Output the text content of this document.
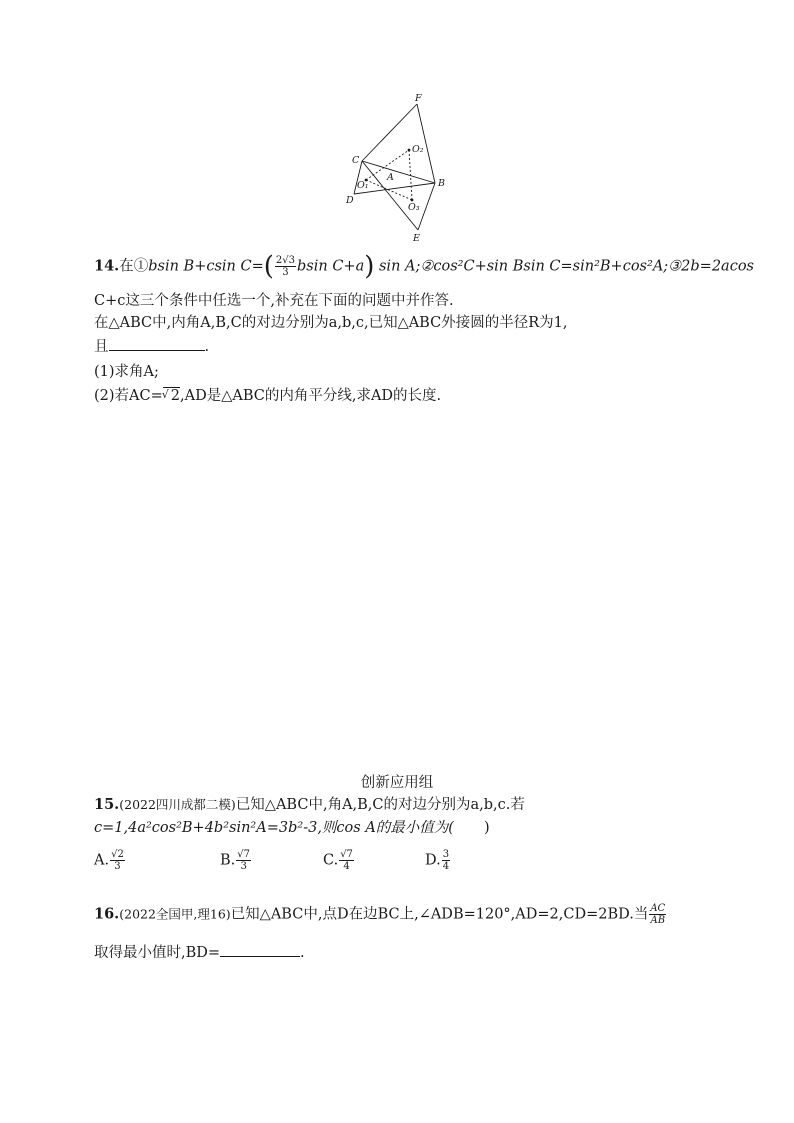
F
C
O₂
A
B
O₁
D
O₃
E
14.在①bsin B+csin $C=( \frac{2√3}{3}$ bsin C+a) sin A;②cos²C+sin Bsin C=sin²B+cos²A;③2b=2acos
C+c这三个条件中任选一个,补充在下面的问题中并作答.
在△ABC中,内角A,B,C的对边分别为a,b,c,已知△ABC外接圆的半径R为1,
且	.
(1)求角A;
(2)若AC=√ 2,AD是△ABC的内角平分线,求AD的长度.
创新应用组
15.(2022四川成都二模)已知△ABC中,角A,B,C的对边分别为a,b,c.若
c=1,4a²cos²B+4b²sin²A=3b²-3,则cos A的最小值为( )
A. $\frac{√2}{3}$	B. $\frac{√7}{3}$	C. $\frac{√7}{4}$	D. $\frac{3}{4}$
16.(2022全国甲,理16)已知△ABC中,点D在边BC上,∠ADB=120°,AD=2,CD=2BD.当 $\frac{AC}{AB}$
取得最小值时,BD=	.
